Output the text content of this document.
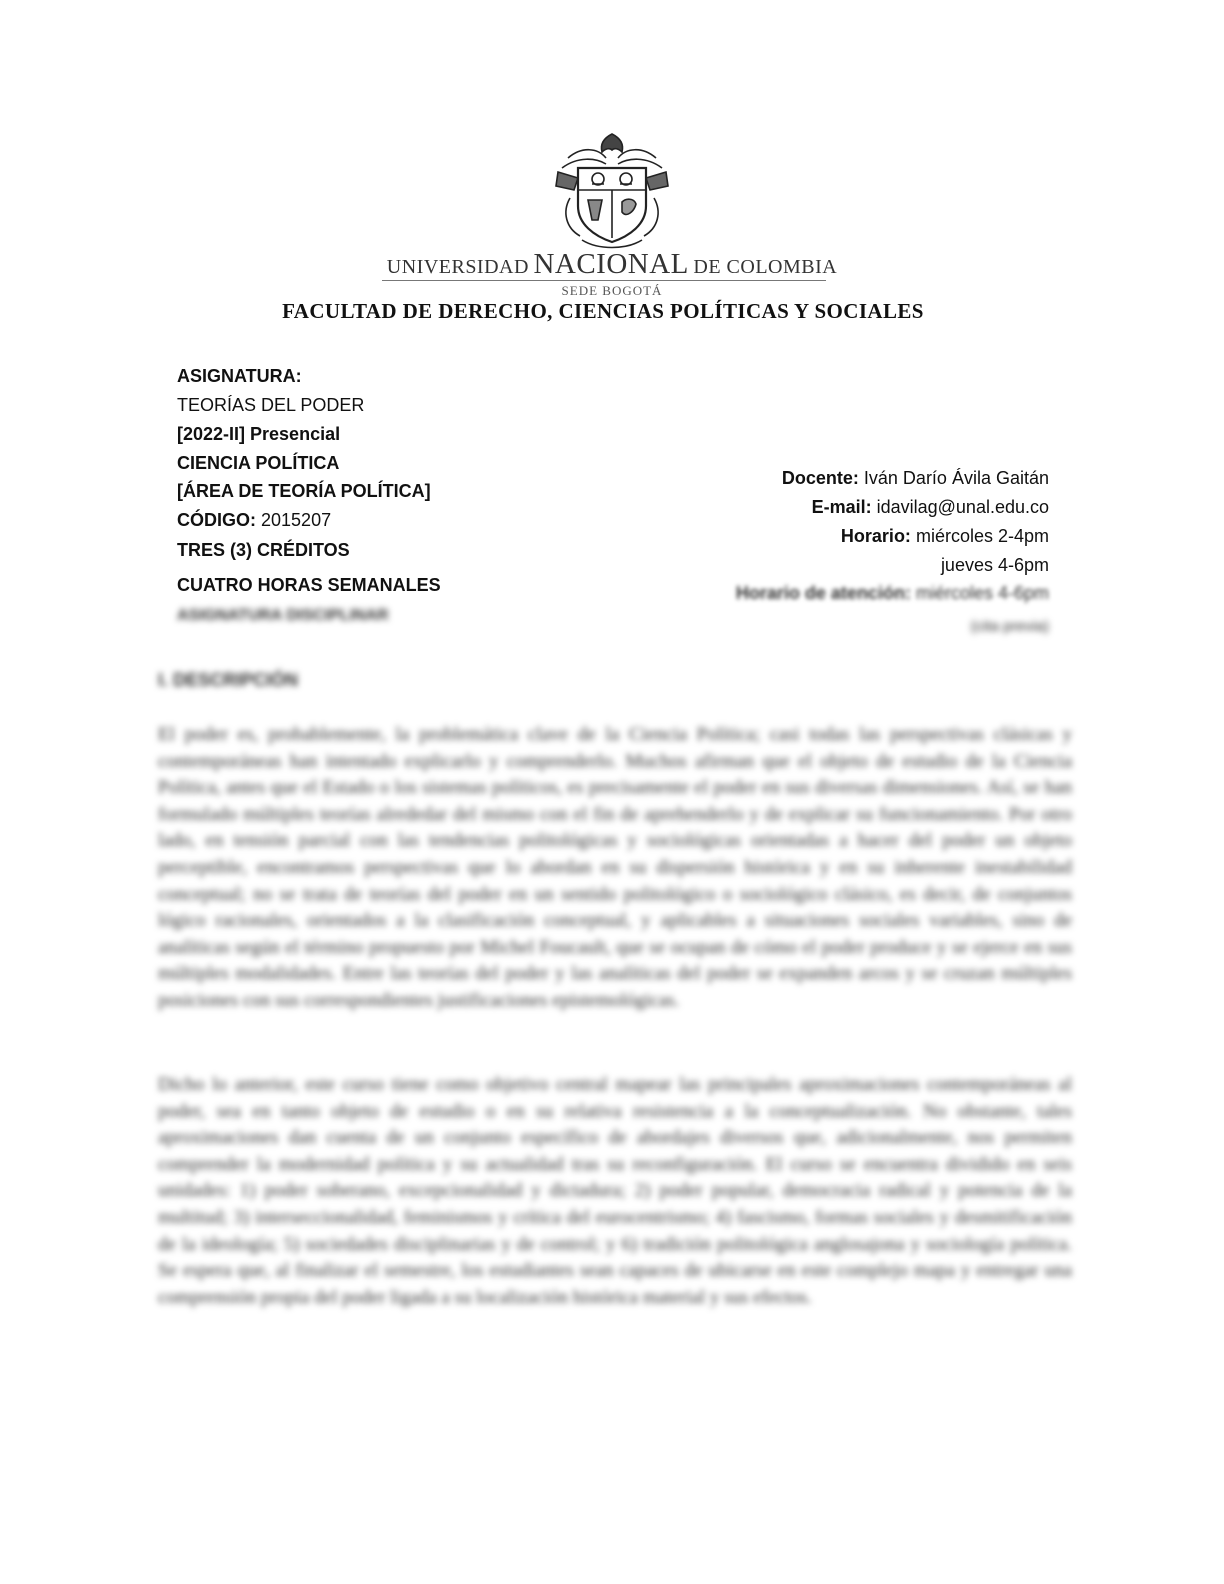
UNIVERSIDAD NACIONAL DE COLOMBIA
SEDE BOGOTÁ
FACULTAD DE DERECHO, CIENCIAS POLÍTICAS Y SOCIALES
ASIGNATURA:
TEORÍAS DEL PODER
[2022-II] Presencial
CIENCIA POLÍTICA
[ÁREA DE TEORÍA POLÍTICA]
CÓDIGO: 2015207
TRES (3) CRÉDITOS
CUATRO HORAS SEMANALES
ASIGNATURA DISCIPLINAR
Docente: Iván Darío Ávila Gaitán
E-mail: idavilag@unal.edu.co
Horario: miércoles 2-4pm
jueves 4-6pm
Horario de atención: miércoles 4-6pm
(cita previa)
I. DESCRIPCIÓN
El poder es, probablemente, la problemática clave de la Ciencia Política; casi todas las perspectivas clásicas y contemporáneas han intentado explicarlo y comprenderlo. Muchos afirman que el objeto de estudio de la Ciencia Política, antes que el Estado o los sistemas políticos, es precisamente el poder en sus diversas dimensiones. Así, se han formulado múltiples teorías alrededar del mismo con el fin de aprehenderlo y de explicar su funcionamiento. Por otro lado, en tensión parcial con las tendencias politológicas y sociológicas orientadas a hacer del poder un objeto perceptible, encontramos perspectivas que lo abordan en su dispersión histórica y en su inherente inestabilidad conceptual; no se trata de teorías del poder en un sentido politológico o sociológico clásico, es decir, de conjuntos lógico racionales, orientados a la clasificación conceptual, y aplicables a situaciones sociales variables, sino de analíticas según el término propuesto por Michel Foucault, que se ocupan de cómo el poder produce y se ejerce en sus múltiples modalidades. Entre las teorías del poder y las analíticas del poder se expanden arcos y se cruzan múltiples posiciones con sus correspondientes justificaciones epistemológicas.
Dicho lo anterior, este curso tiene como objetivo central mapear las principales aproximaciones contemporáneas al poder, sea en tanto objeto de estudio o en su relativa resistencia a la conceptualización. No obstante, tales aproximaciones dan cuenta de un conjunto específico de abordajes diversos que, adicionalmente, nos permiten comprender la modernidad política y su actualidad tras su reconfiguración. El curso se encuentra dividido en seis unidades: 1) poder soberano, excepcionalidad y dictadura; 2) poder popular, democracia radical y potencia de la multitud; 3) interseccionalidad, feminismos y crítica del eurocentrismo; 4) fascismo, formas sociales y desmitificación de la ideología; 5) sociedades disciplinarias y de control; y 6) tradición politológica anglosajona y sociología política. Se espera que, al finalizar el semestre, los estudiantes sean capaces de ubicarse en este complejo mapa y entregar una comprensión propia del poder ligada a su localización histórica material y sus efectos.
